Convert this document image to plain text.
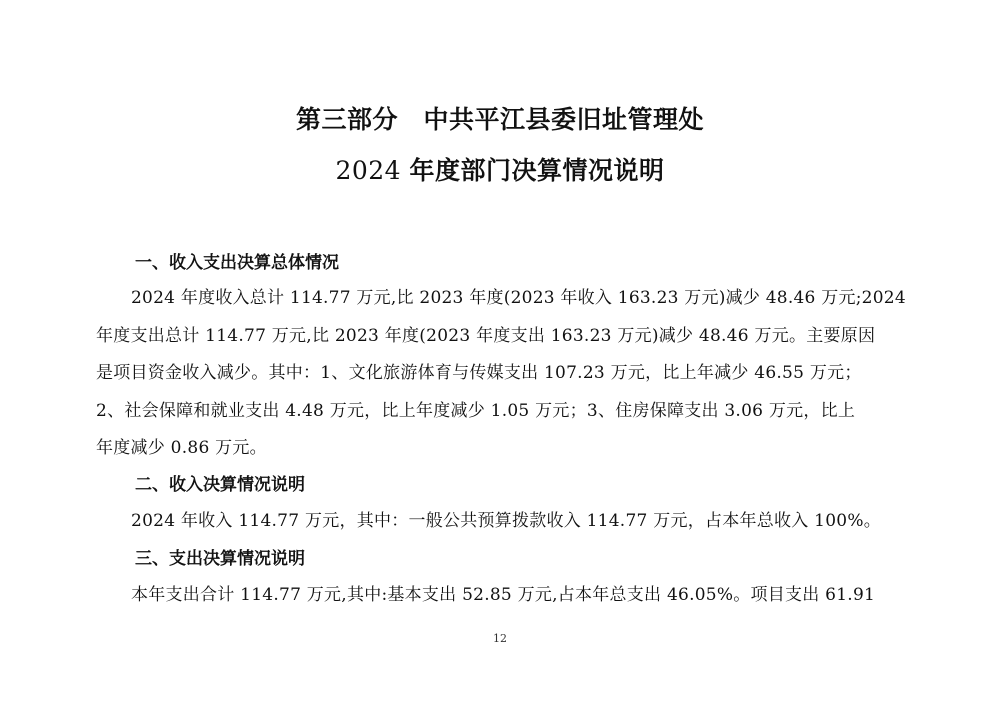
第三部分　中共平江县委旧址管理处
2024 年度部门决算情况说明
一、收入支出决算总体情况
2024 年度收入总计 114.77 万元,比 2023 年度(2023 年收入 163.23 万元)减少 48.46 万元;2024
年度支出总计 114.77 万元,比 2023 年度(2023 年度支出 163.23 万元)减少 48.46 万元。主要原因
是项目资金收入减少。其中：1、文化旅游体育与传媒支出 107.23 万元，比上年减少 46.55 万元；
2、社会保障和就业支出 4.48 万元，比上年度减少 1.05 万元；3、住房保障支出 3.06 万元，比上
年度减少 0.86 万元。
二、收入决算情况说明
2024 年收入 114.77 万元，其中：一般公共预算拨款收入 114.77 万元，占本年总收入 100%。
三、支出决算情况说明
本年支出合计 114.77 万元,其中:基本支出 52.85 万元,占本年总支出 46.05%。项目支出 61.91
12
